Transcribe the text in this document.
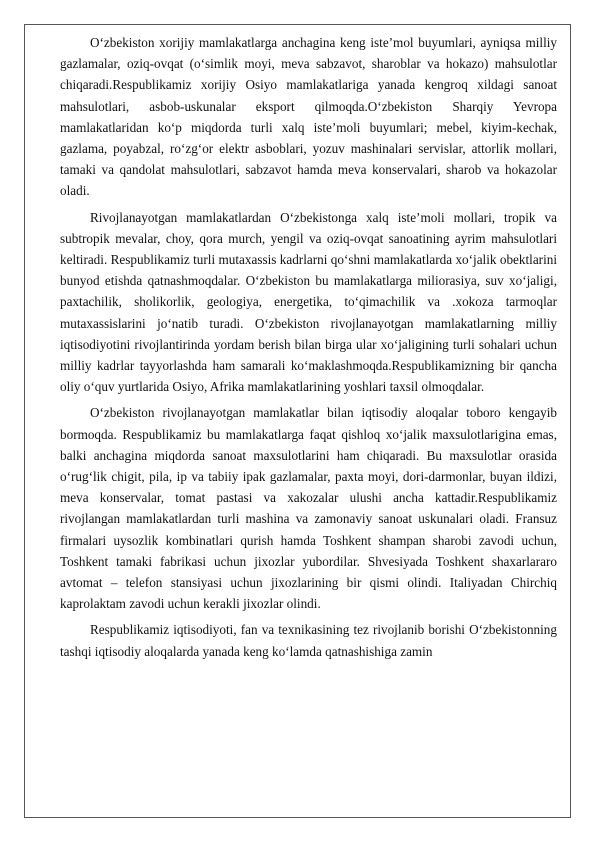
O‘zbekiston xorijiy mamlakatlarga anchagina keng iste’mol buyumlari, ayniqsa milliy gazlamalar, oziq-ovqat (o‘simlik moyi, meva sabzavot, sharoblar va hokazo) mahsulotlar chiqaradi.Respublikamiz xorijiy Osiyo mamlakatlariga yanada kengroq xildagi sanoat mahsulotlari, asbob-uskunalar eksport qilmoqda.O‘zbekiston Sharqiy Yevropa mamlakatlaridan ko‘p miqdorda turli xalq iste’moli buyumlari; mebel, kiyim-kechak, gazlama, poyabzal, ro‘zg‘or elektr asboblari, yozuv mashinalari servislar, attorlik mollari, tamaki va qandolat mahsulotlari, sabzavot hamda meva konservalari, sharob va hokazolar oladi.

Rivojlanayotgan mamlakatlardan O‘zbekistonga xalq iste’moli mollari, tropik va subtropik mevalar, choy, qora murch, yengil va oziq-ovqat sanoatining ayrim mahsulotlari keltiradi. Respublikamiz turli mutaxassis kadrlarni qo‘shni mamlakatlarda xo‘jalik obektlarini bunyod etishda qatnashmoqdalar. O‘zbekiston bu mamlakatlarga miliorasiya, suv xo‘jaligi, paxtachilik, sholikorlik, geologiya, energetika, to‘qimachilik va .xokoza tarmoqlar mutaxassislarini jo‘natib turadi. O‘zbekiston rivojlanayotgan mamlakatlarning milliy iqtisodiyotini rivojlantirinda yordam berish bilan birga ular xo‘jaligining turli sohalari uchun milliy kadrlar tayyorlashda ham samarali ko‘maklashmoqda.Respublikamizning bir qancha oliy o‘quv yurtlarida Osiyo, Afrika mamlakatlarining yoshlari taxsil olmoqdalar.

O‘zbekiston rivojlanayotgan mamlakatlar bilan iqtisodiy aloqalar toboro kengayib bormoqda. Respublikamiz bu mamlakatlarga faqat qishloq xo‘jalik maxsulotlarigina emas, balki anchagina miqdorda sanoat maxsulotlarini ham chiqaradi. Bu maxsulotlar orasida o‘rug‘lik chigit, pila, ip va tabiiy ipak gazlamalar, paxta moyi, dori-darmonlar, buyan ildizi, meva konservalar, tomat pastasi va xakozalar ulushi ancha kattadir.Respublikamiz rivojlangan mamlakatlardan turli mashina va zamonaviy sanoat uskunalari oladi. Fransuz firmalari uysozlik kombinatlari qurish hamda Toshkent shampan sharobi zavodi uchun, Toshkent tamaki fabrikasi uchun jixozlar yubordilar. Shvesiyada Toshkent shaxarlararo avtomat – telefon stansiyasi uchun jixozlarining bir qismi olindi. Italiyadan Chirchiq kaprolaktam zavodi uchun kerakli jixozlar olindi.

Respublikamiz iqtisodiyoti, fan va texnikasining tez rivojlanib borishi O‘zbekistonning tashqi iqtisodiy aloqalarda yanada keng ko‘lamda qatnashishiga zamin
